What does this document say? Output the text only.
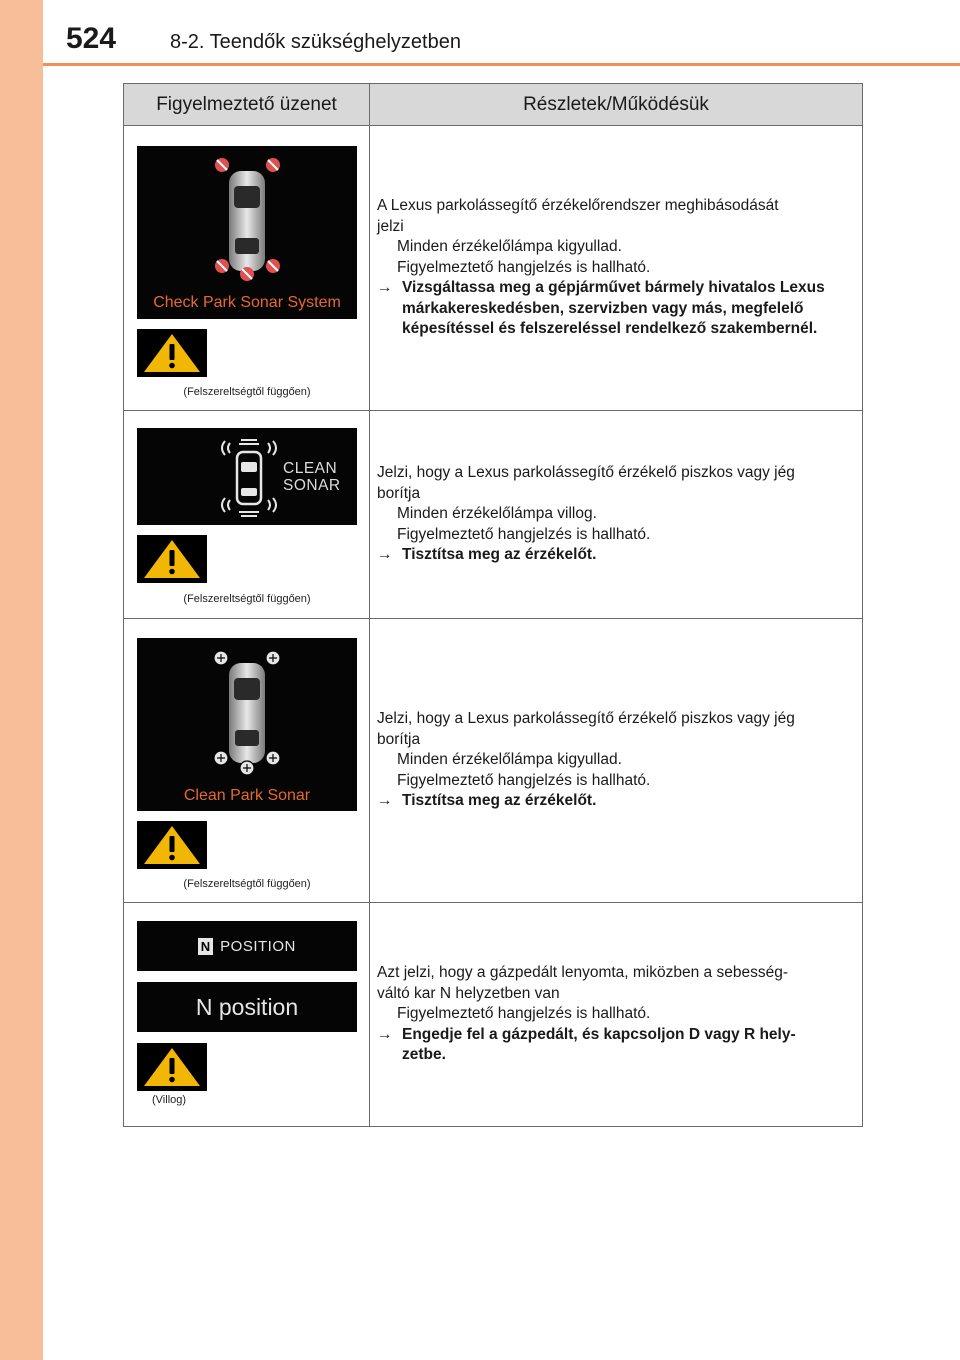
524	8-2. Teendők szükséghelyzetben
Figyelmeztető üzenet	Részletek/Működésük
Check Park Sonar System
(Felszereltségtől függően)
A Lexus parkolássegítő érzékelőrendszer meghibásodását
jelzi
Minden érzékelőlámpa kigyullad.
Figyelmeztető hangjelzés is hallható.
→ Vizsgáltassa meg a gépjárművet bármely hivatalos Lexus
márkakereskedésben, szervizben vagy más, megfelelő
képesítéssel és felszereléssel rendelkező szakembernél.
CLEAN
SONAR
(Felszereltségtől függően)
Jelzi, hogy a Lexus parkolássegítő érzékelő piszkos vagy jég
borítja
Minden érzékelőlámpa villog.
Figyelmeztető hangjelzés is hallható.
→ Tisztítsa meg az érzékelőt.
Clean Park Sonar
(Felszereltségtől függően)
Jelzi, hogy a Lexus parkolássegítő érzékelő piszkos vagy jég
borítja
Minden érzékelőlámpa kigyullad.
Figyelmeztető hangjelzés is hallható.
→ Tisztítsa meg az érzékelőt.
N POSITION
N position
(Villog)
Azt jelzi, hogy a gázpedált lenyomta, miközben a sebesség-
váltó kar N helyzetben van
Figyelmeztető hangjelzés is hallható.
→ Engedje fel a gázpedált, és kapcsoljon D vagy R hely-
zetbe.
